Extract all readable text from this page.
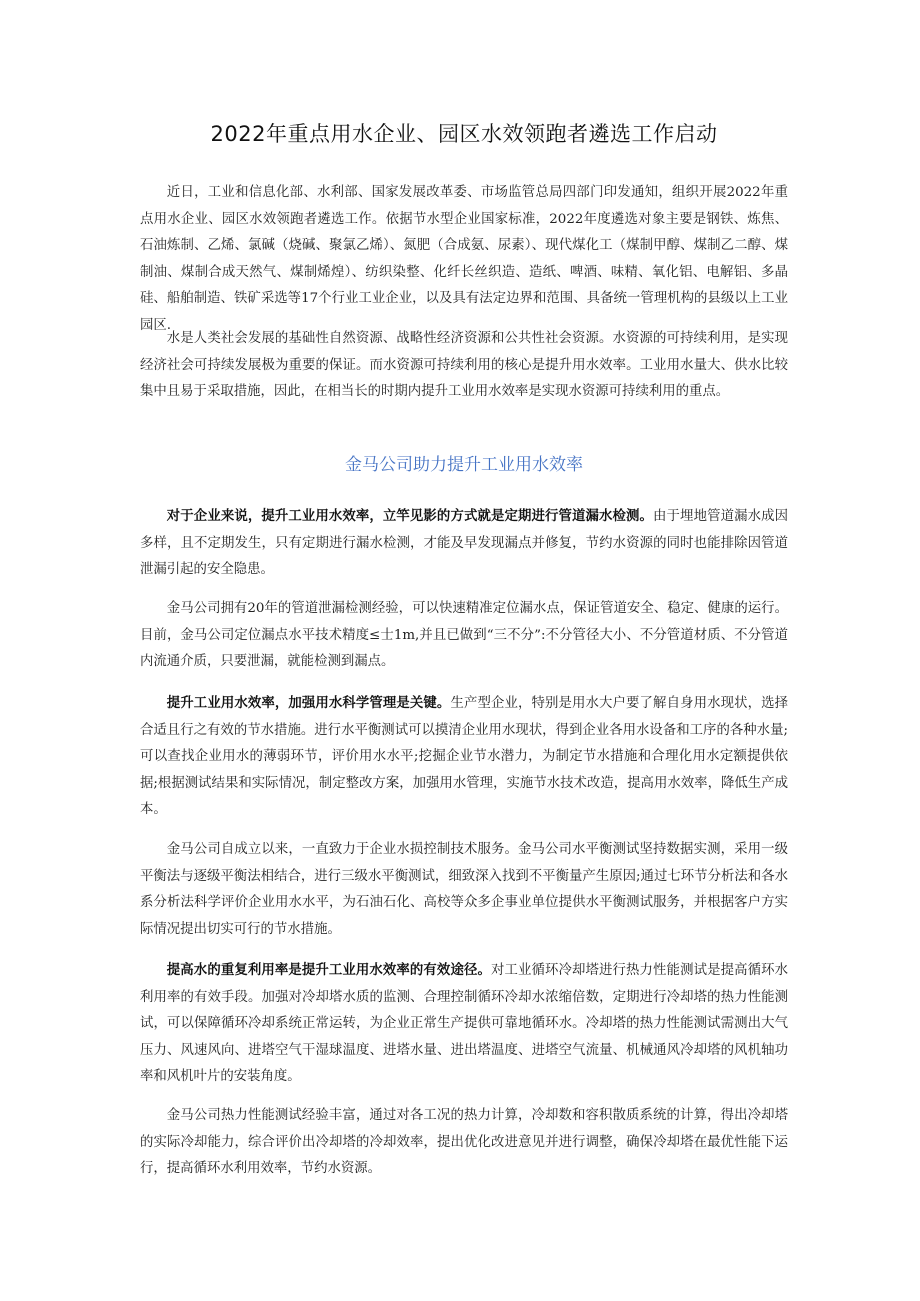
2022年重点用水企业、园区水效领跑者遴选工作启动

近日，工业和信息化部、水利部、国家发展改革委、市场监管总局四部门印发通知，组织开展2022年重点用水企业、园区水效领跑者遴选工作。依据节水型企业国家标准，2022年度遴选对象主要是钢铁、炼焦、石油炼制、乙烯、氯碱（烧碱、聚氯乙烯）、氮肥（合成氨、尿素）、现代煤化工（煤制甲醇、煤制乙二醇、煤制油、煤制合成天然气、煤制烯煌）、纺织染整、化纤长丝织造、造纸、啤酒、味精、氧化铝、电解铝、多晶硅、船舶制造、铁矿采选等17个行业工业企业，以及具有法定边界和范围、具备统一管理机构的县级以上工业园区.

水是人类社会发展的基础性自然资源、战略性经济资源和公共性社会资源。水资源的可持续利用，是实现经济社会可持续发展极为重要的保证。而水资源可持续利用的核心是提升用水效率。工业用水量大、供水比较集中且易于采取措施，因此，在相当长的时期内提升工业用水效率是实现水资源可持续利用的重点。

金马公司助力提升工业用水效率

对于企业来说，提升工业用水效率，立竿见影的方式就是定期进行管道漏水检测。由于埋地管道漏水成因多样，且不定期发生，只有定期进行漏水检测，才能及早发现漏点并修复，节约水资源的同时也能排除因管道泄漏引起的安全隐患。

金马公司拥有20年的管道泄漏检测经验，可以快速精准定位漏水点，保证管道安全、稳定、健康的运行。目前，金马公司定位漏点水平技术精度≤士1m,并且已做到“三不分”:不分管径大小、不分管道材质、不分管道内流通介质，只要泄漏，就能检测到漏点。

提升工业用水效率，加强用水科学管理是关键。生产型企业，特别是用水大户要了解自身用水现状，选择合适且行之有效的节水措施。进行水平衡测试可以摸清企业用水现状，得到企业各用水设备和工序的各种水量;可以查找企业用水的薄弱环节，评价用水水平;挖掘企业节水潜力，为制定节水措施和合理化用水定额提供依据;根据测试结果和实际情况，制定整改方案，加强用水管理，实施节水技术改造，提高用水效率，降低生产成本。

金马公司自成立以来，一直致力于企业水损控制技术服务。金马公司水平衡测试坚持数据实测，采用一级平衡法与逐级平衡法相结合，进行三级水平衡测试，细致深入找到不平衡量产生原因;通过七环节分析法和各水系分析法科学评价企业用水水平，为石油石化、高校等众多企事业单位提供水平衡测试服务，并根据客户方实际情况提出切实可行的节水措施。

提高水的重复利用率是提升工业用水效率的有效途径。对工业循环冷却塔进行热力性能测试是提高循环水利用率的有效手段。加强对冷却塔水质的监测、合理控制循环冷却水浓缩倍数，定期进行冷却塔的热力性能测试，可以保障循环冷却系统正常运转，为企业正常生产提供可靠地循环水。冷却塔的热力性能测试需测出大气压力、风速风向、进塔空气干湿球温度、进塔水量、进出塔温度、进塔空气流量、机械通风冷却塔的风机轴功率和风机叶片的安装角度。

金马公司热力性能测试经验丰富，通过对各工况的热力计算，冷却数和容积散质系统的计算，得出冷却塔的实际冷却能力，综合评价出冷却塔的冷却效率，提出优化改进意见并进行调整，确保冷却塔在最优性能下运行，提高循环水利用效率，节约水资源。
